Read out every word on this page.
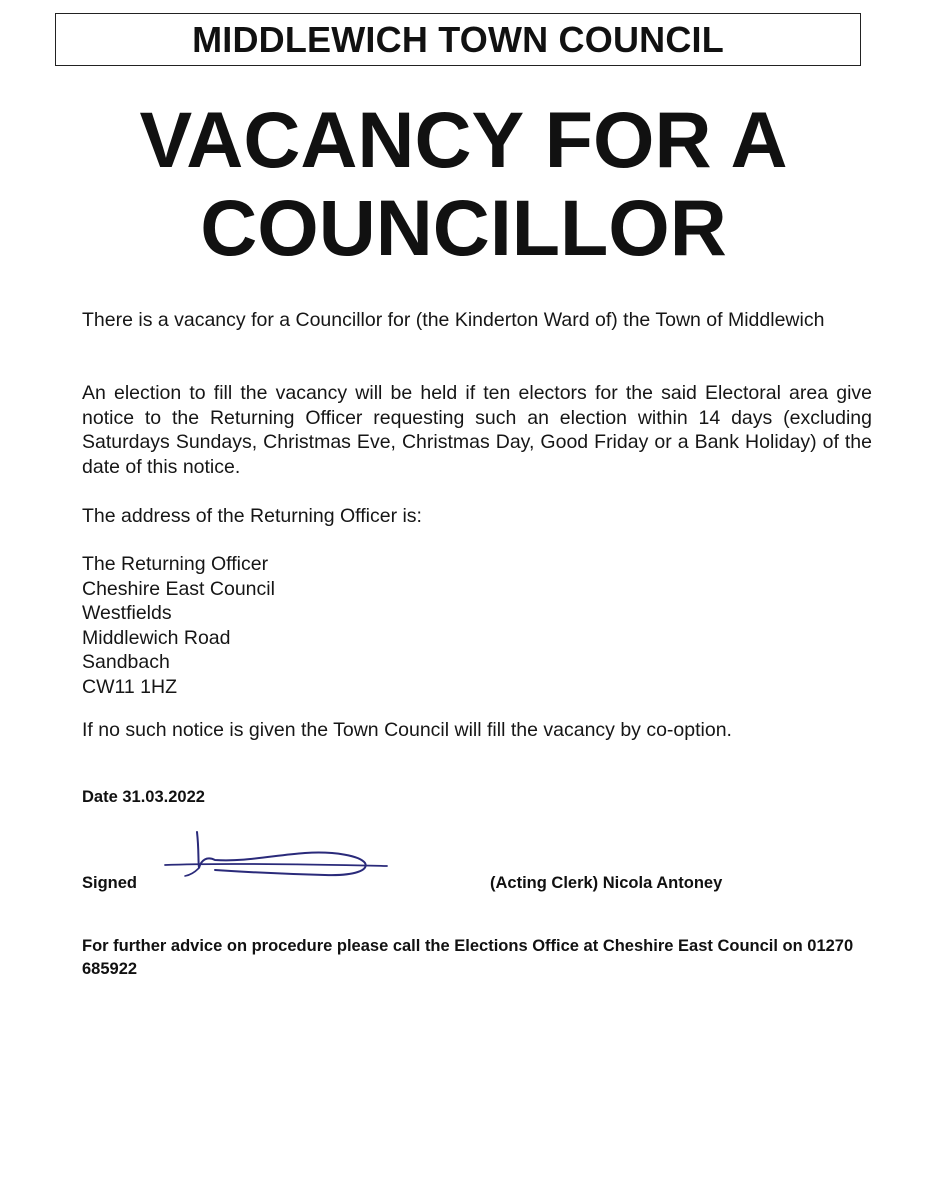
MIDDLEWICH TOWN COUNCIL
VACANCY FOR A
COUNCILLOR
There is a vacancy for a Councillor for (the Kinderton Ward of) the Town of Middlewich
An election to fill the vacancy will be held if ten electors for the said Electoral area give notice to the Returning Officer requesting such an election within 14 days (excluding Saturdays Sundays, Christmas Eve, Christmas Day, Good Friday or a Bank Holiday) of the date of this notice.
The address of the Returning Officer is:
The Returning Officer
Cheshire East Council
Westfields
Middlewich Road
Sandbach
CW11 1HZ
If no such notice is given the Town Council will fill the vacancy by co-option.
Date 31.03.2022
Signed	(Acting Clerk) Nicola Antoney
For further advice on procedure please call the Elections Office at Cheshire East Council on 01270 685922
